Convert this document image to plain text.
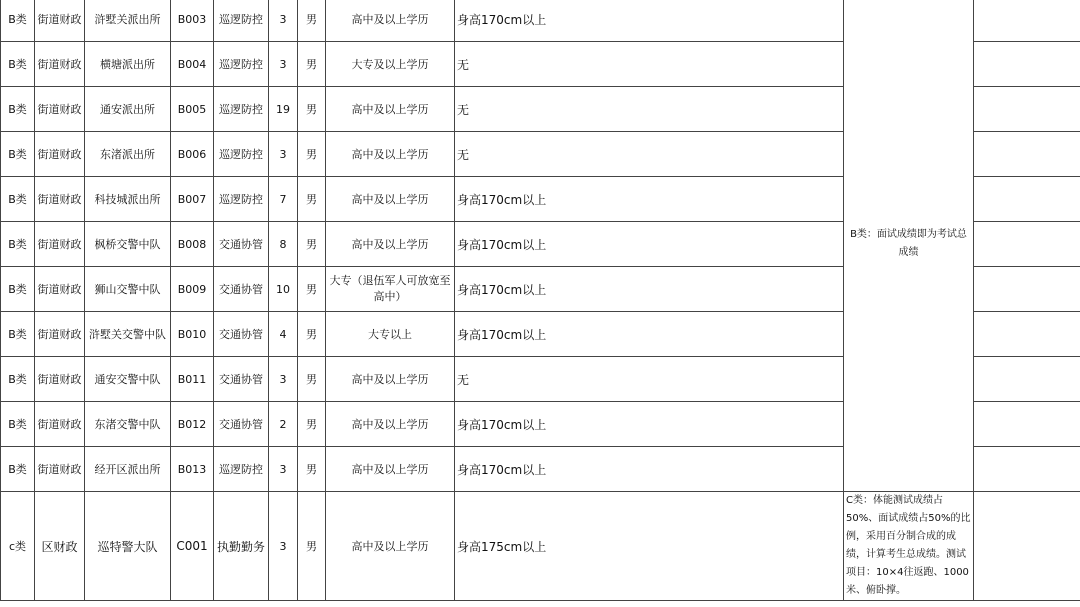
B类	街道财政	浒墅关派出所	B003	巡逻防控	3	男	高中及以上学历	身高170cm以上	B类：面试成绩即为考试总成绩	
B类	街道财政	横塘派出所	B004	巡逻防控	3	男	大专及以上学历	无		
B类	街道财政	通安派出所	B005	巡逻防控	19	男	高中及以上学历	无		
B类	街道财政	东渚派出所	B006	巡逻防控	3	男	高中及以上学历	无		
B类	街道财政	科技城派出所	B007	巡逻防控	7	男	高中及以上学历	身高170cm以上		
B类	街道财政	枫桥交警中队	B008	交通协管	8	男	高中及以上学历	身高170cm以上		
B类	街道财政	狮山交警中队	B009	交通协管	10	男	大专（退伍军人可放宽至高中）	身高170cm以上		
B类	街道财政	浒墅关交警中队	B010	交通协管	4	男	大专以上	身高170cm以上		
B类	街道财政	通安交警中队	B011	交通协管	3	男	高中及以上学历	无		
B类	街道财政	东渚交警中队	B012	交通协管	2	男	高中及以上学历	身高170cm以上		
B类	街道财政	经开区派出所	B013	巡逻防控	3	男	高中及以上学历	身高170cm以上		
c类	区财政	巡特警大队	C001	执勤勤务	3	男	高中及以上学历	身高175cm以上	C类：体能测试成绩占50%、面试成绩占50%的比例，采用百分制合成的成绩，计算考生总成绩。测试项目：10×4往返跑、1000米、俯卧撑。	
